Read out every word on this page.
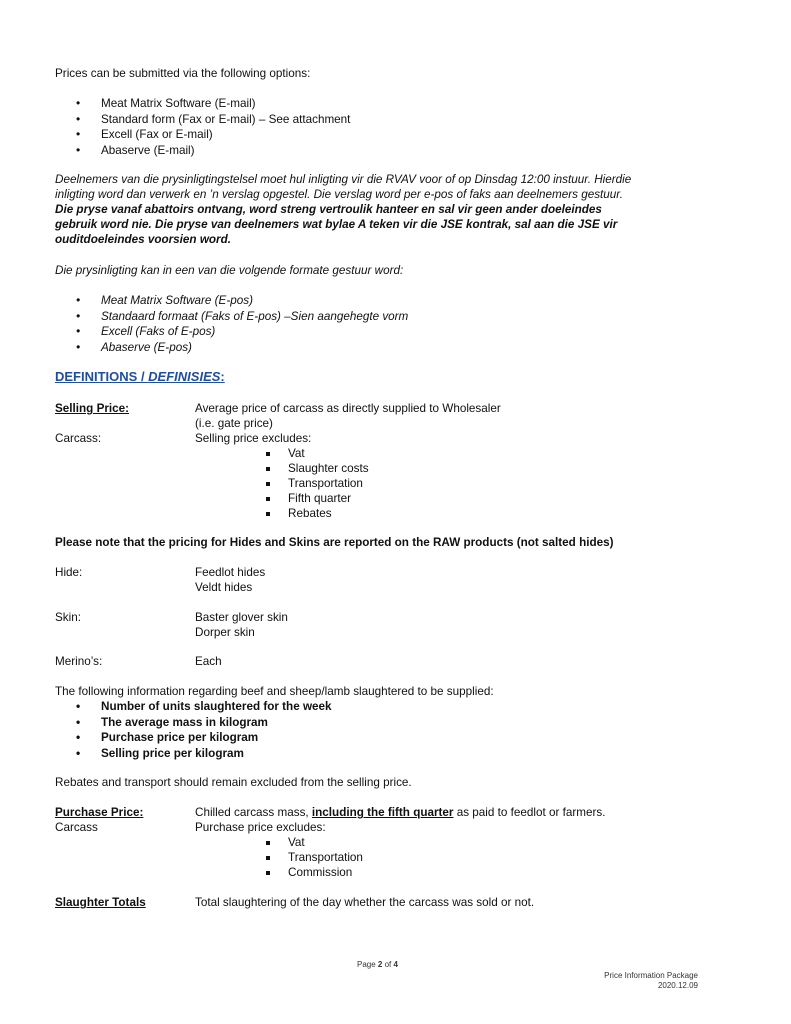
Prices can be submitted via the following options:
• Meat Matrix Software (E-mail)
• Standard form (Fax or E-mail) – See attachment
• Excell (Fax or E-mail)
• Abaserve (E-mail)
Deelnemers van die prysinligtingstelsel moet hul inligting vir die RVAV voor of op Dinsdag 12:00 instuur. Hierdie
inligting word dan verwerk en ’n verslag opgestel. Die verslag word per e-pos of faks aan deelnemers gestuur.
Die pryse vanaf abattoirs ontvang, word streng vertroulik hanteer en sal vir geen ander doeleindes
gebruik word nie. Die pryse van deelnemers wat bylae A teken vir die JSE kontrak, sal aan die JSE vir
ouditdoeleindes voorsien word.
Die prysinligting kan in een van die volgende formate gestuur word:
• Meat Matrix Software (E-pos)
• Standaard formaat (Faks of E-pos) –Sien aangehegte vorm
• Excell (Faks of E-pos)
• Abaserve (E-pos)
DEFINITIONS / DEFINISIES:
Selling Price:	Average price of carcass as directly supplied to Wholesaler
(i.e. gate price)
Carcass:	Selling price excludes:
Vat
Slaughter costs
Transportation
Fifth quarter
Rebates
Please note that the pricing for Hides and Skins are reported on the RAW products (not salted hides)
Hide:	Feedlot hides
Veldt hides
Skin:	Baster glover skin
Dorper skin
Merino’s:	Each
The following information regarding beef and sheep/lamb slaughtered to be supplied:
• Number of units slaughtered for the week
• The average mass in kilogram
• Purchase price per kilogram
• Selling price per kilogram
Rebates and transport should remain excluded from the selling price.
Purchase Price:	Chilled carcass mass, including the fifth quarter as paid to feedlot or farmers.
Carcass	Purchase price excludes:
Vat
Transportation
Commission
Slaughter Totals	Total slaughtering of the day whether the carcass was sold or not.
Page 2 of 4
Price Information Package
2020.12.09
